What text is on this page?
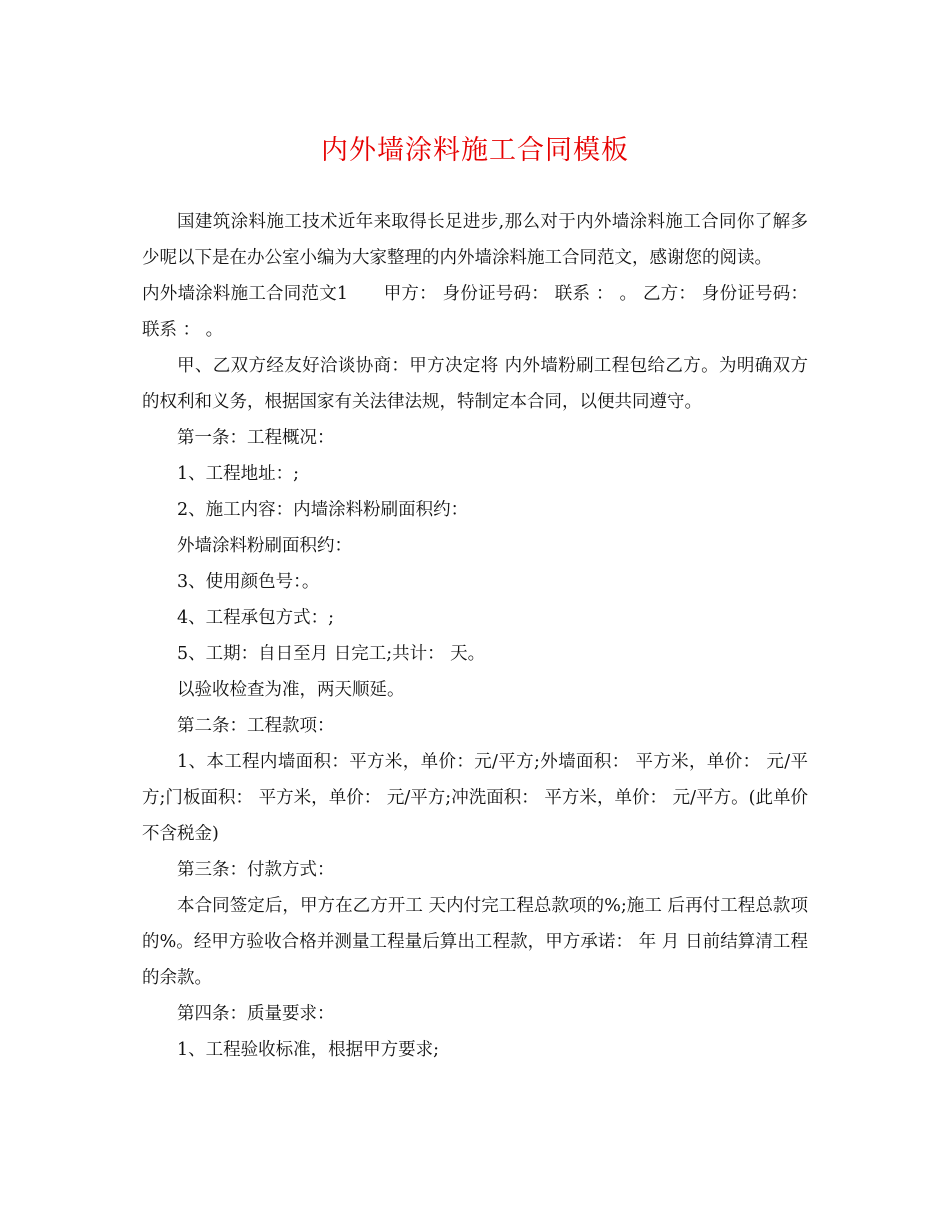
内外墙涂料施工合同模板

国建筑涂料施工技术近年来取得长足进步,那么对于内外墙涂料施工合同你了解多少呢以下是在办公室小编为大家整理的内外墙涂料施工合同范文，感谢您的阅读。

内外墙涂料施工合同范文1　　甲方： 身份证号码： 联系 ： 。 乙方： 身份证号码： 联系 ： 。

甲、乙双方经友好洽谈协商：甲方决定将 内外墙粉刷工程包给乙方。为明确双方的权利和义务，根据国家有关法律法规，特制定本合同，以便共同遵守。

第一条：工程概况：

1、工程地址：;

2、施工内容：内墙涂料粉刷面积约：

外墙涂料粉刷面积约：

3、使用颜色号：。

4、工程承包方式：;

5、工期：自日至月 日完工;共计： 天。

以验收检查为准，两天顺延。

第二条：工程款项：

1、本工程内墙面积：平方米，单价：元/平方;外墙面积： 平方米，单价： 元/平方;门板面积： 平方米，单价： 元/平方;冲洗面积： 平方米，单价： 元/平方。(此单价不含税金)

第三条：付款方式：

本合同签定后，甲方在乙方开工 天内付完工程总款项的%;施工 后再付工程总款项的%。经甲方验收合格并测量工程量后算出工程款，甲方承诺： 年 月 日前结算清工程的余款。

第四条：质量要求：

1、工程验收标准，根据甲方要求;
